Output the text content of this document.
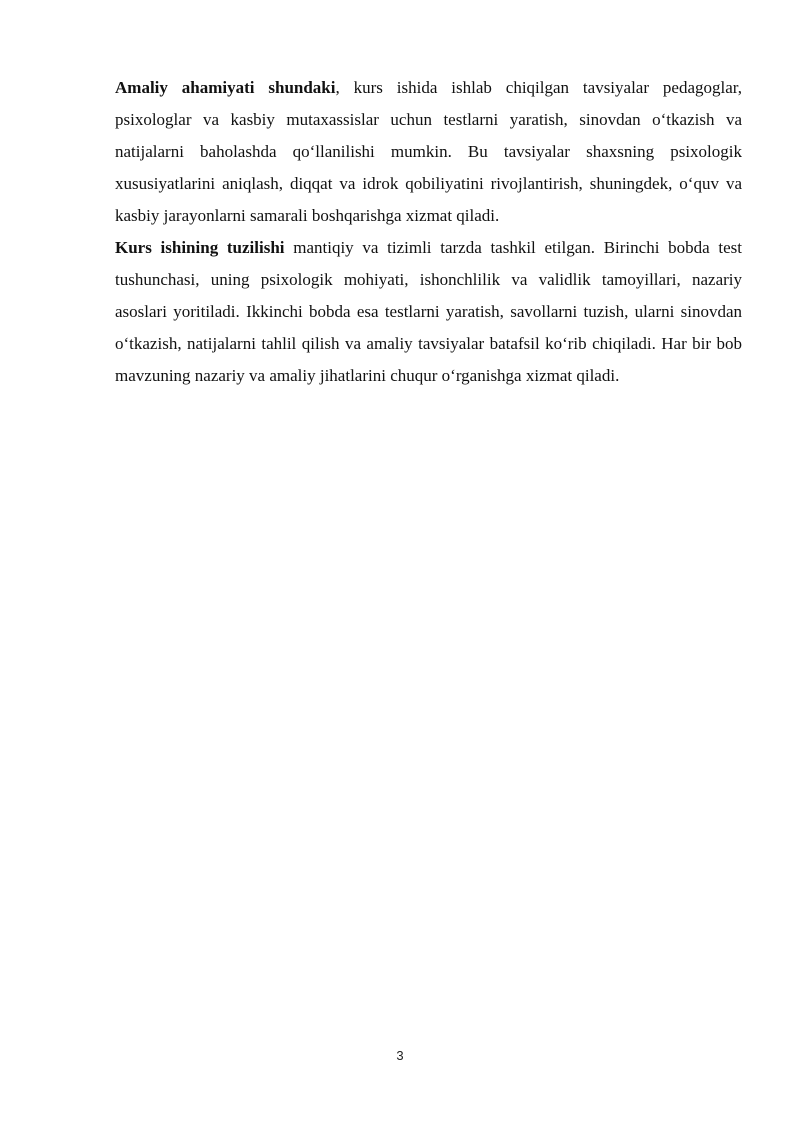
Amaliy ahamiyati shundaki, kurs ishida ishlab chiqilgan tavsiyalar pedagoglar, psixologlar va kasbiy mutaxassislar uchun testlarni yaratish, sinovdan o‘tkazish va natijalarni baholashda qo‘llanilishi mumkin. Bu tavsiyalar shaxsning psixologik xususiyatlarini aniqlash, diqqat va idrok qobiliyatini rivojlantirish, shuningdek, o‘quv va kasbiy jarayonlarni samarali boshqarishga xizmat qiladi.

Kurs ishining tuzilishi mantiqiy va tizimli tarzda tashkil etilgan. Birinchi bobda test tushunchasi, uning psixologik mohiyati, ishonchlilik va validlik tamoyillari, nazariy asoslari yoritiladi. Ikkinchi bobda esa testlarni yaratish, savollarni tuzish, ularni sinovdan o‘tkazish, natijalarni tahlil qilish va amaliy tavsiyalar batafsil ko‘rib chiqiladi. Har bir bob mavzuning nazariy va amaliy jihatlarini chuqur o‘rganishga xizmat qiladi.

3
